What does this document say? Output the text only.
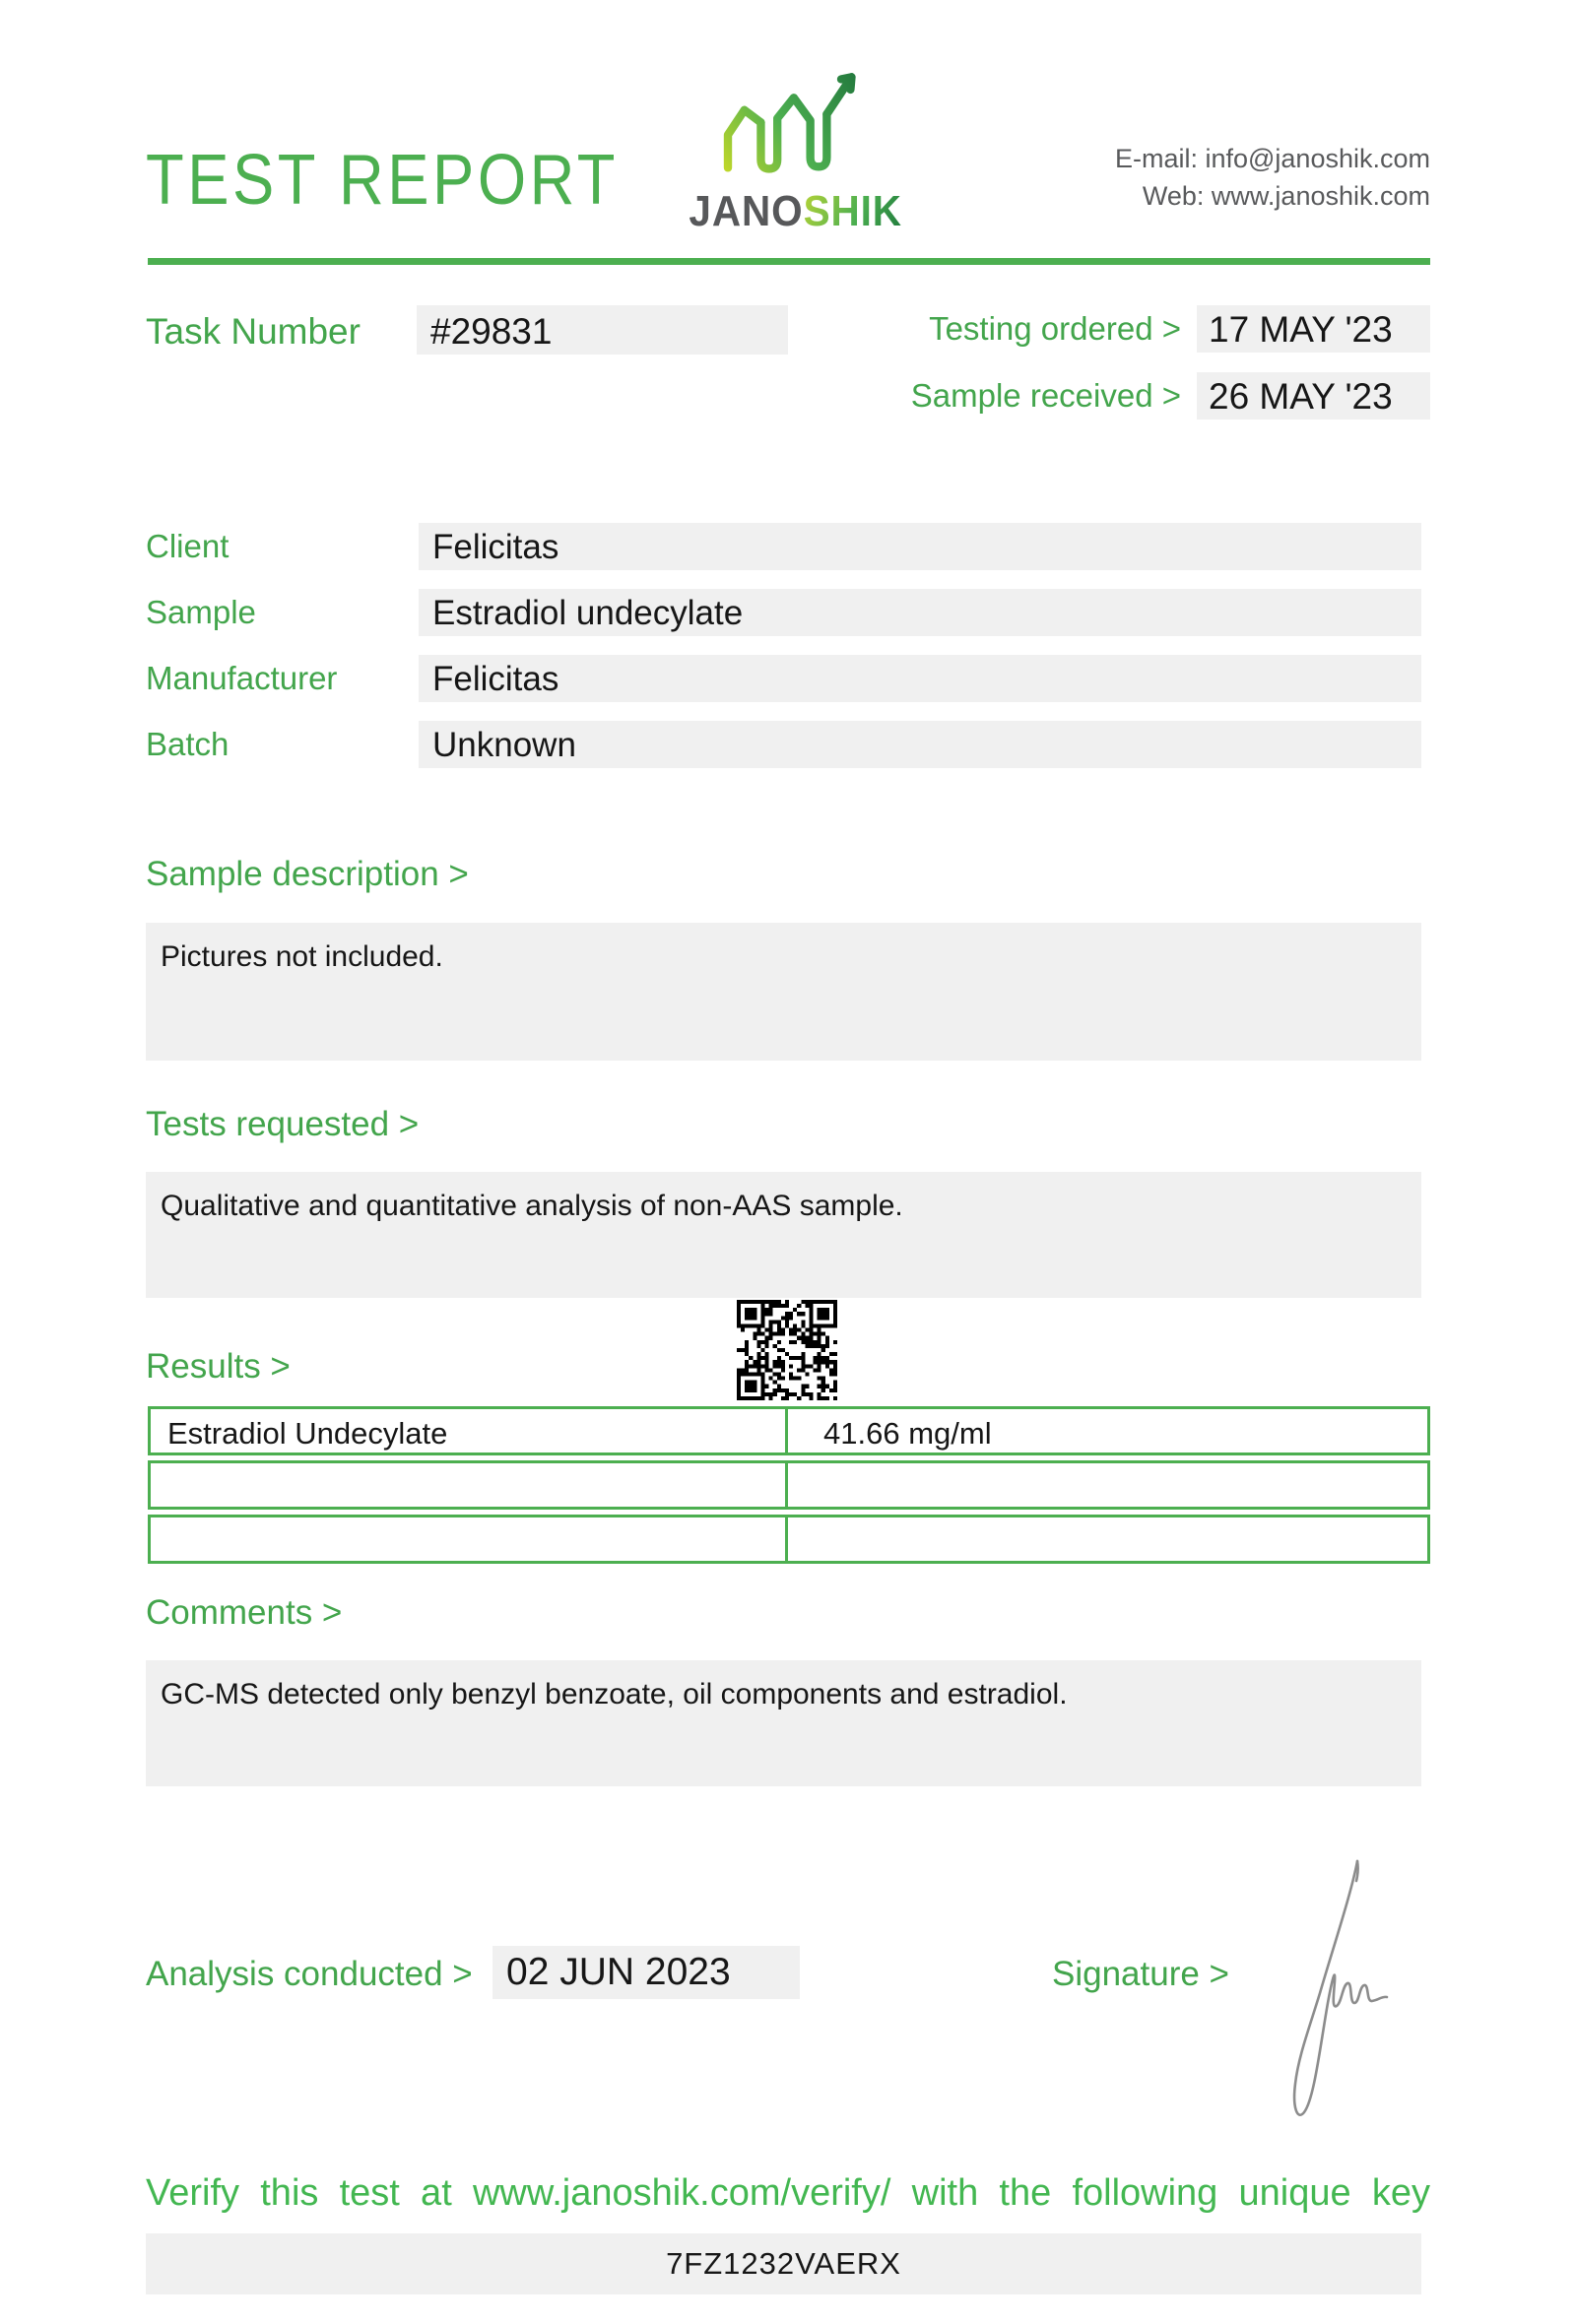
TEST REPORT JANOSHIK
E-mail: info@janoshik.com
Web: www.janoshik.com
Task Number	#29831	Testing ordered > 17 MAY '23
Sample received > 26 MAY '23
Client	Felicitas
Sample	Estradiol undecylate
Manufacturer	Felicitas
Batch	Unknown
Sample description >
Pictures not included.
Tests requested >
Qualitative and quantitative analysis of non-AAS sample.
Results >
Estradiol Undecylate	41.66 mg/ml
Comments >
GC-MS detected only benzyl benzoate, oil components and estradiol.
Analysis conducted > 02 JUN 2023	Signature >
Verify this test at www.janoshik.com/verify/ with the following unique key
7FZ1232VAERX
